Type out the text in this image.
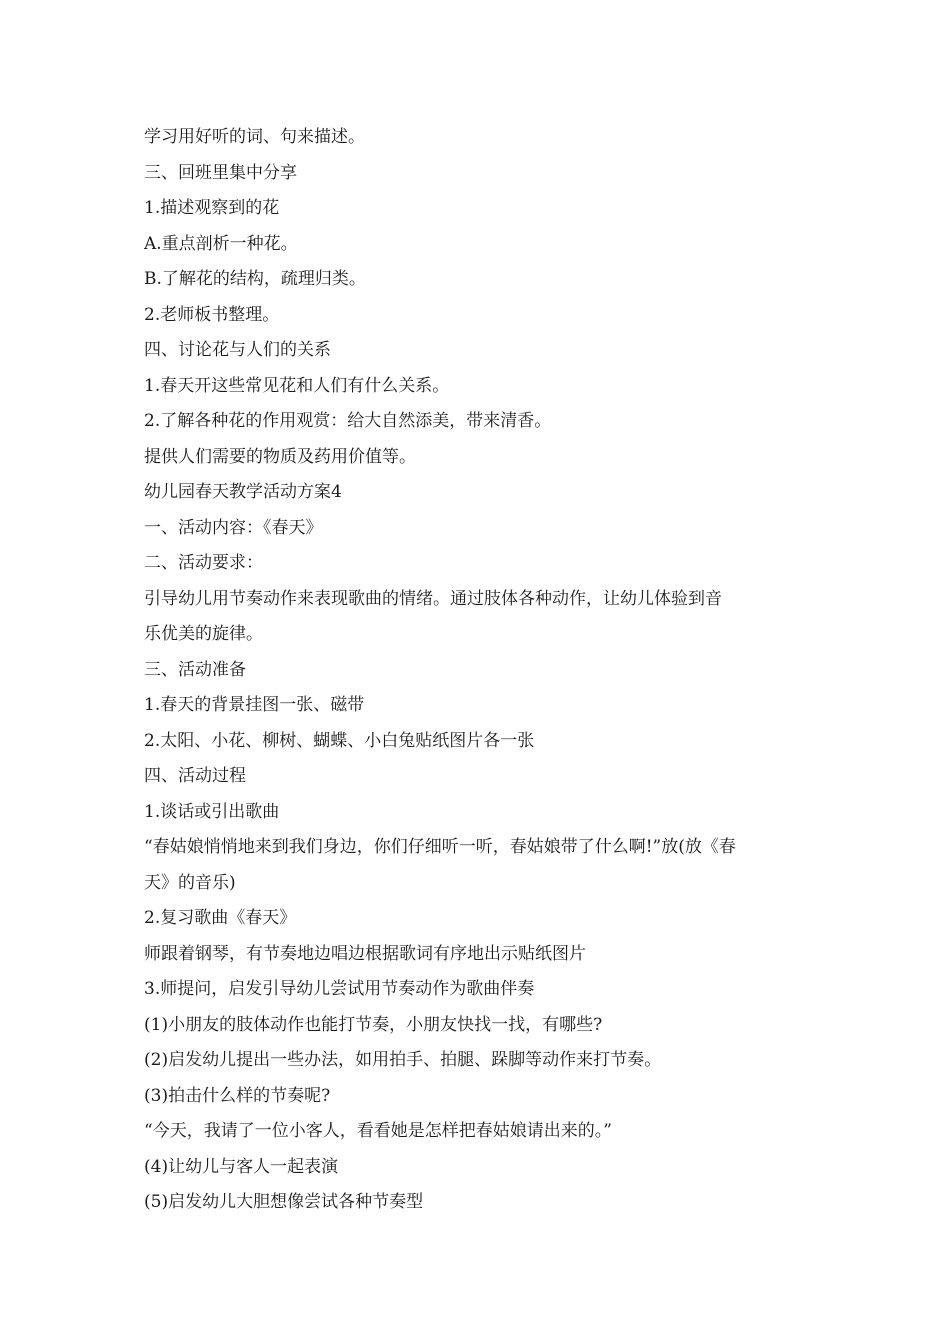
学习用好听的词、句来描述。
三、回班里集中分享
1.描述观察到的花
A.重点剖析一种花。
B.了解花的结构，疏理归类。
2.老师板书整理。
四、讨论花与人们的关系
1.春天开这些常见花和人们有什么关系。
2.了解各种花的作用观赏：给大自然添美，带来清香。
提供人们需要的物质及药用价值等。
幼儿园春天教学活动方案4
一、活动内容：《春天》
二、活动要求：
引导幼儿用节奏动作来表现歌曲的情绪。通过肢体各种动作，让幼儿体验到音
乐优美的旋律。
三、活动准备
1.春天的背景挂图一张、磁带
2.太阳、小花、柳树、蝴蝶、小白兔贴纸图片各一张
四、活动过程
1.谈话或引出歌曲
“春姑娘悄悄地来到我们身边，你们仔细听一听，春姑娘带了什么啊!”放(放《春
天》的音乐)
2.复习歌曲《春天》
师跟着钢琴，有节奏地边唱边根据歌词有序地出示贴纸图片
3.师提问，启发引导幼儿尝试用节奏动作为歌曲伴奏
(1)小朋友的肢体动作也能打节奏，小朋友快找一找，有哪些?
(2)启发幼儿提出一些办法，如用拍手、拍腿、跺脚等动作来打节奏。
(3)拍击什么样的节奏呢?
“今天，我请了一位小客人，看看她是怎样把春姑娘请出来的。”
(4)让幼儿与客人一起表演
(5)启发幼儿大胆想像尝试各种节奏型
